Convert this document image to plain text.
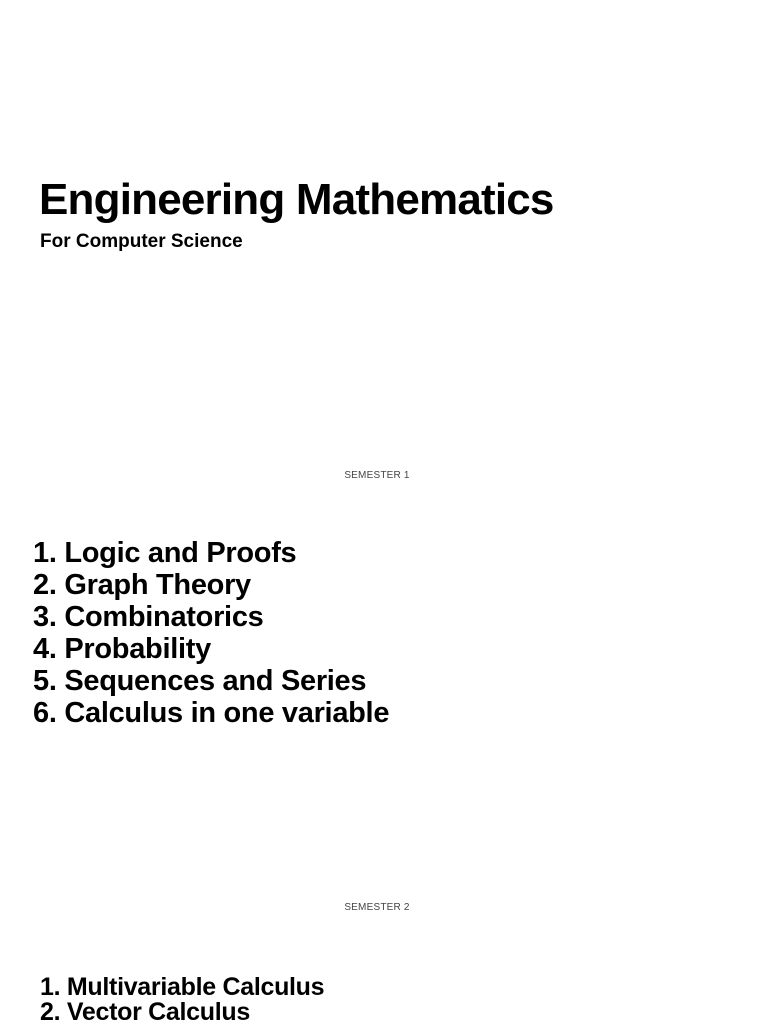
Engineering Mathematics

For Computer Science

SEMESTER 1
1. Logic and Proofs
2. Graph Theory
3. Combinatorics
4. Probability
5. Sequences and Series
6. Calculus in one variable
SEMESTER 2
1. Multivariable Calculus
2. Vector Calculus
